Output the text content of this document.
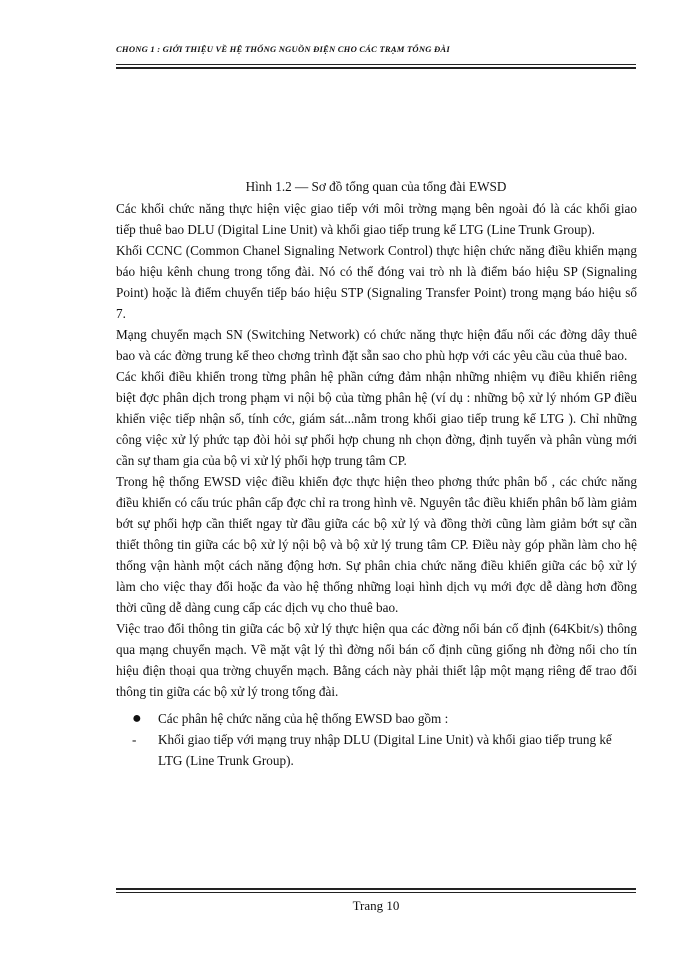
CHONG 1 : GIỚI THIỆU VỀ HỆ THỐNG NGUỒN ĐIỆN CHO CÁC TRẠM TỔNG ĐÀI
Hình 1.2 — Sơ đồ tổng quan của tổng đài EWSD

Các khối chức năng thực hiện việc giao tiếp với môi trờng mạng bên ngoài đó là các khối giao tiếp thuê bao DLU (Digital Line Unit) và khối giao tiếp trung kế LTG (Line Trunk Group).

Khối CCNC (Common Chanel Signaling Network Control) thực hiện chức năng điều khiển mạng báo hiệu kênh chung trong tổng đài. Nó có thể đóng vai trò nh là điểm báo hiệu SP (Signaling Point) hoặc là điểm chuyển tiếp báo hiệu STP (Signaling Transfer Point) trong mạng báo hiệu số 7.

Mạng chuyển mạch SN (Switching Network) có chức năng thực hiện đấu nối các đờng dây thuê bao và các đờng trung kế theo chơng trình đặt sẵn sao cho phù hợp với các yêu cầu của thuê bao.

Các khối điều khiển trong từng phân hệ phần cứng đảm nhận những nhiệm vụ điều khiển riêng biệt đợc phân dịch trong phạm vi nội bộ của từng phân hệ (ví dụ : những bộ xử lý nhóm GP điều khiển việc tiếp nhận số, tính cớc, giám sát...nằm trong khối giao tiếp trung kế LTG ). Chỉ những công việc xử lý phức tạp đòi hỏi sự phối hợp chung nh chọn đờng, định tuyến và phân vùng mới cần sự tham gia của bộ vi xử lý phối hợp trung tâm CP.

Trong hệ thống EWSD việc điều khiển đợc thực hiện theo phơng thức phân bố , các chức năng điều khiển có cấu trúc phân cấp đợc chỉ ra trong hình vẽ. Nguyên tắc điều khiển phân bố làm giảm bớt sự phối hợp cần thiết ngay từ đầu giữa các bộ xử lý và đồng thời cũng làm giảm bớt sự cần thiết thông tin giữa các bộ xử lý nội bộ và bộ xử lý trung tâm CP. Điều này góp phần làm cho hệ thống vận hành một cách năng động hơn. Sự phân chia chức năng điều khiển giữa các bộ xử lý làm cho việc thay đổi hoặc đa vào hệ thống những loại hình dịch vụ mới đợc dễ dàng hơn đồng thời cũng dễ dàng cung cấp các dịch vụ cho thuê bao.

Việc trao đổi thông tin giữa các bộ xử lý thực hiện qua các đờng nối bán cố định (64Kbit/s) thông qua mạng chuyển mạch. Về mặt vật lý thì đờng nối bán cố định cũng giống nh đờng nối cho tín hiệu điện thoại qua trờng chuyển mạch. Bằng cách này phải thiết lập một mạng riêng để trao đổi thông tin giữa các bộ xử lý trong tổng đài.

● Các phân hệ chức năng của hệ thống EWSD bao gồm :
- Khối giao tiếp với mạng truy nhập DLU (Digital Line Unit) và khối giao tiếp trung kế LTG (Line Trunk Group).
Trang 10
